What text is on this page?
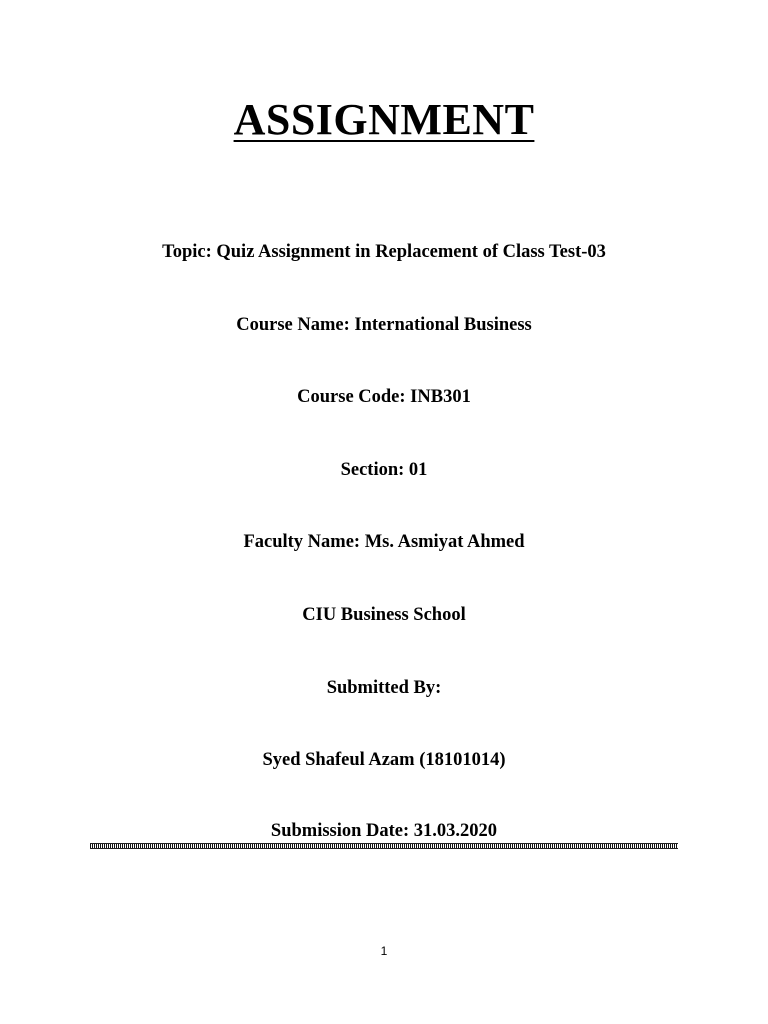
ASSIGNMENT
Topic: Quiz Assignment in Replacement of Class Test-03
Course Name: International Business
Course Code: INB301
Section: 01
Faculty Name: Ms. Asmiyat Ahmed
CIU Business School
Submitted By:
Syed Shafeul Azam (18101014)
Submission Date: 31.03.2020
1
